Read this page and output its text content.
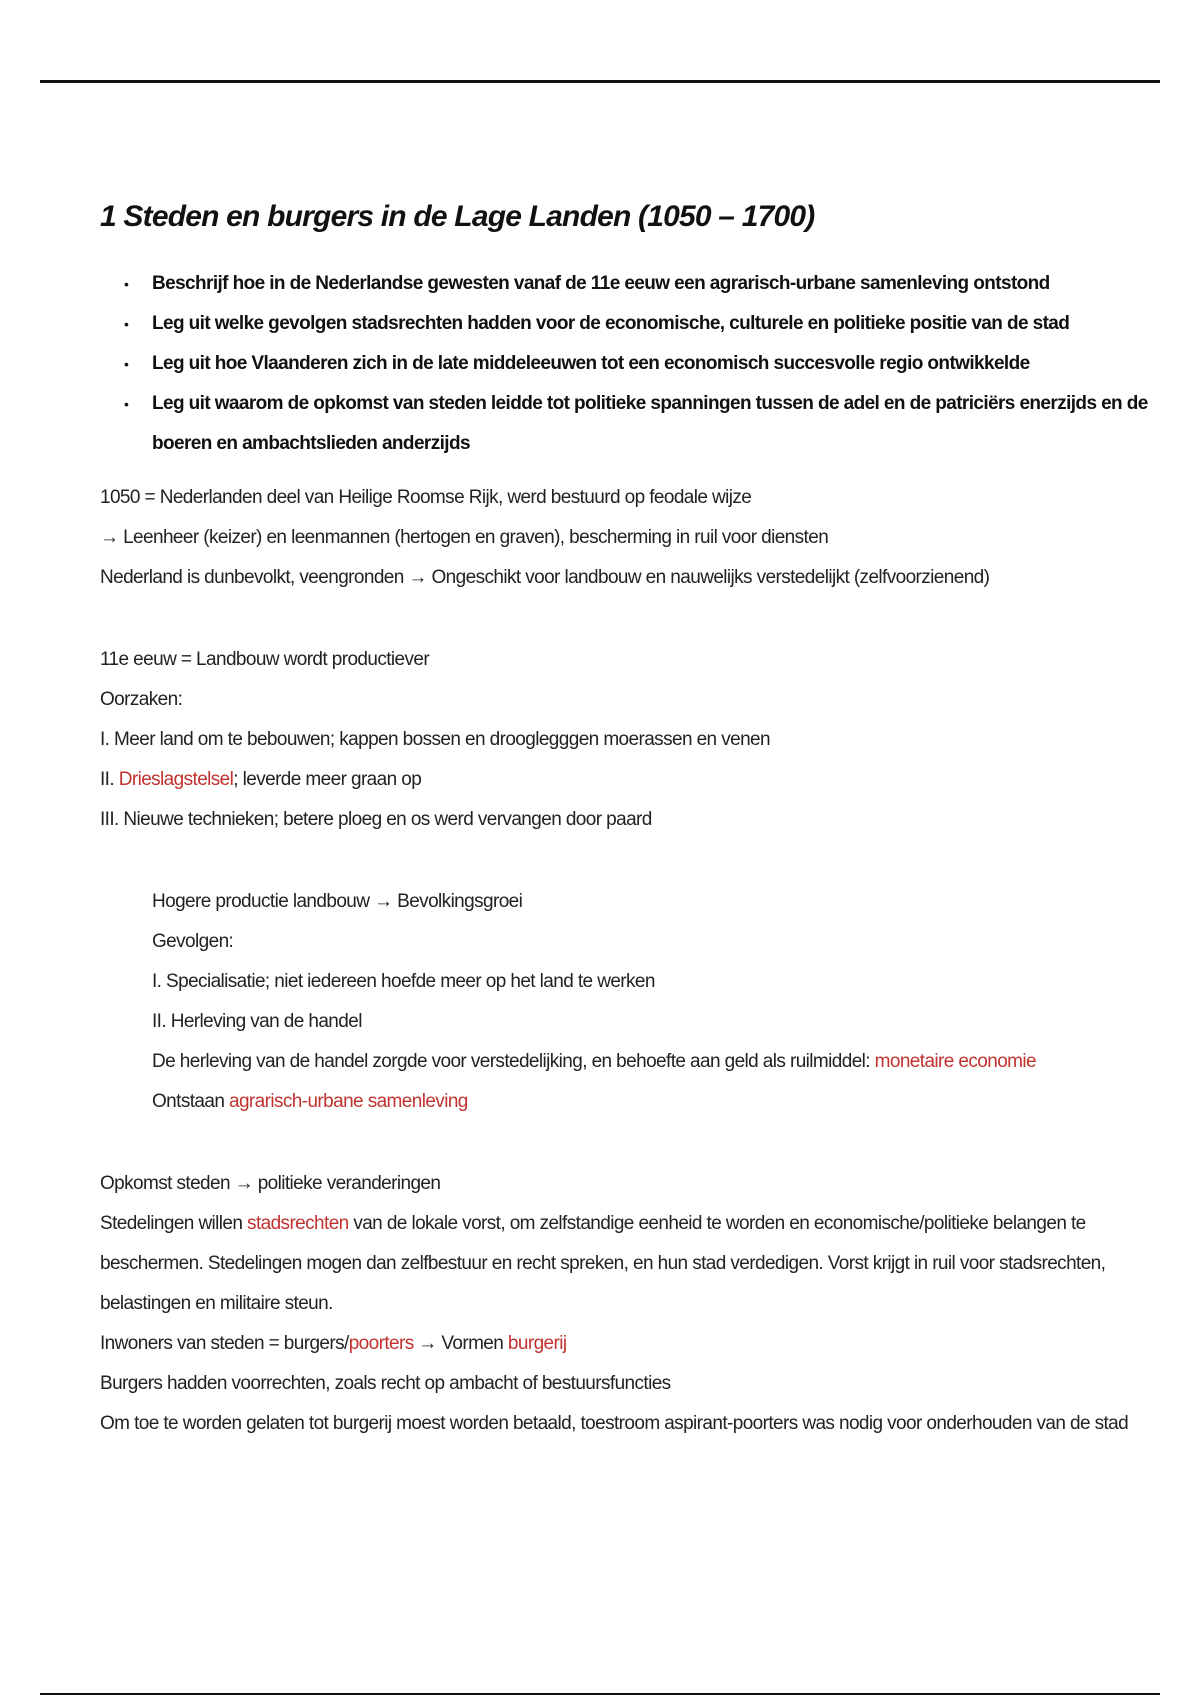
1 Steden en burgers in de Lage Landen (1050 – 1700)
• Beschrijf hoe in de Nederlandse gewesten vanaf de 11e eeuw een agrarisch-urbane samenleving ontstond
• Leg uit welke gevolgen stadsrechten hadden voor de economische, culturele en politieke positie van de stad
• Leg uit hoe Vlaanderen zich in de late middeleeuwen tot een economisch succesvolle regio ontwikkelde
• Leg uit waarom de opkomst van steden leidde tot politieke spanningen tussen de adel en de patriciërs enerzijds en de boeren en ambachtslieden anderzijds

1050 = Nederlanden deel van Heilige Roomse Rijk, werd bestuurd op feodale wijze

→ Leenheer (keizer) en leenmannen (hertogen en graven), bescherming in ruil voor diensten

Nederland is dunbevolkt, veengronden → Ongeschikt voor landbouw en nauwelijks verstedelijkt (zelfvoorzienend)

11e eeuw = Landbouw wordt productiever

Oorzaken:

I. Meer land om te bebouwen; kappen bossen en drooglegggen moerassen en venen

II. Drieslagstelsel; leverde meer graan op

III. Nieuwe technieken; betere ploeg en os werd vervangen door paard

Hogere productie landbouw → Bevolkingsgroei

Gevolgen:

I. Specialisatie; niet iedereen hoefde meer op het land te werken

II. Herleving van de handel

De herleving van de handel zorgde voor verstedelijking, en behoefte aan geld als ruilmiddel: monetaire economie

Ontstaan agrarisch-urbane samenleving

Opkomst steden → politieke veranderingen

Stedelingen willen stadsrechten van de lokale vorst, om zelfstandige eenheid te worden en economische/politieke belangen te beschermen. Stedelingen mogen dan zelfbestuur en recht spreken, en hun stad verdedigen. Vorst krijgt in ruil voor stadsrechten, belastingen en militaire steun.

Inwoners van steden = burgers/poorters → Vormen burgerij

Burgers hadden voorrechten, zoals recht op ambacht of bestuursfuncties

Om toe te worden gelaten tot burgerij moest worden betaald, toestroom aspirant-poorters was nodig voor onderhouden van de stad
